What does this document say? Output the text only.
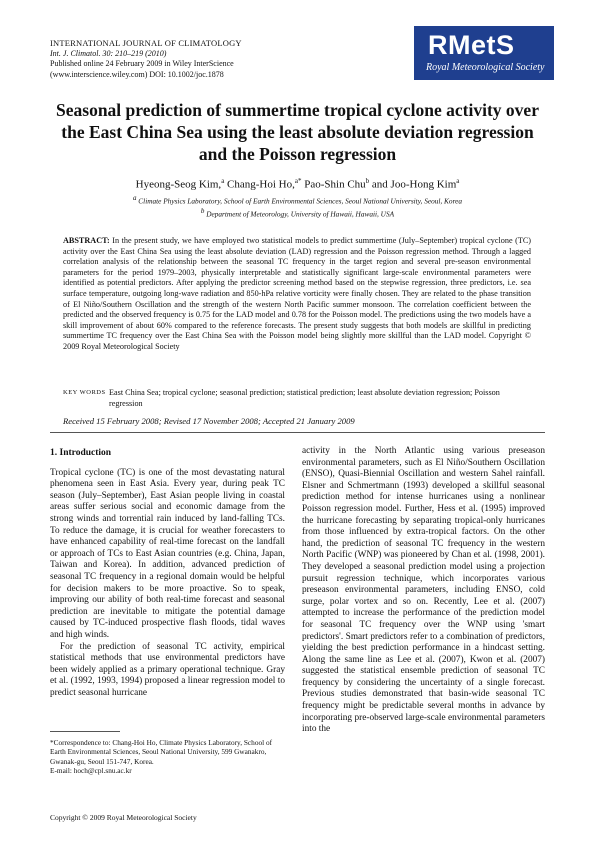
INTERNATIONAL JOURNAL OF CLIMATOLOGY
Int. J. Climatol. 30: 210–219 (2010)
Published online 24 February 2009 in Wiley InterScience
(www.interscience.wiley.com) DOI: 10.1002/joc.1878
RMetS
Royal Meteorological Society
Seasonal prediction of summertime tropical cyclone activity over the East China Sea using the least absolute deviation regression and the Poisson regression
Hyeong-Seog Kim,$^a$ Chang-Hoi Ho,$^{a*}$ Pao-Shin Chu$^b$ and Joo-Hong Kim$^a$
$^a$ Climate Physics Laboratory, School of Earth Environmental Sciences, Seoul National University, Seoul, Korea
$^b$ Department of Meteorology, University of Hawaii, Hawaii, USA
ABSTRACT: In the present study, we have employed two statistical models to predict summertime (July–September) tropical cyclone (TC) activity over the East China Sea using the least absolute deviation (LAD) regression and the Poisson regression method. Through a lagged correlation analysis of the relationship between the seasonal TC frequency in the target region and several pre-season environmental parameters for the period 1979–2003, physically interpretable and statistically significant large-scale environmental parameters were identified as potential predictors. After applying the predictor screening method based on the stepwise regression, three predictors, i.e. sea surface temperature, outgoing long-wave radiation and 850-hPa relative vorticity were finally chosen. They are related to the phase transition of El Niño/Southern Oscillation and the strength of the western North Pacific summer monsoon. The correlation coefficient between the predicted and the observed frequency is 0.75 for the LAD model and 0.78 for the Poisson model. The predictions using the two models have a skill improvement of about 60% compared to the reference forecasts. The present study suggests that both models are skillful in predicting summertime TC frequency over the East China Sea with the Poisson model being slightly more skillful than the LAD model. Copyright © 2009 Royal Meteorological Society
KEY WORDS East China Sea; tropical cyclone; seasonal prediction; statistical prediction; least absolute deviation regression; Poisson regression
Received 15 February 2008; Revised 17 November 2008; Accepted 21 January 2009

1. Introduction

Tropical cyclone (TC) is one of the most devastating natural phenomena seen in East Asia. Every year, during peak TC season (July–September), East Asian people living in coastal areas suffer serious social and economic damage from the strong winds and torrential rain induced by land-falling TCs. To reduce the damage, it is crucial for weather forecasters to have enhanced capability of real-time forecast on the landfall or approach of TCs to East Asian countries (e.g. China, Japan, Taiwan and Korea). In addition, advanced prediction of seasonal TC frequency in a regional domain would be helpful for decision makers to be more proactive. So to speak, improving our ability of both real-time forecast and seasonal prediction are inevitable to mitigate the potential damage caused by TC-induced prospective flash floods, tidal waves and high winds.

For the prediction of seasonal TC activity, empirical statistical methods that use environmental predictors have been widely applied as a primary operational technique. Gray et al. (1992, 1993, 1994) proposed a linear regression model to predict seasonal hurricane

activity in the North Atlantic using various preseason environmental parameters, such as El Niño/Southern Oscillation (ENSO), Quasi-Biennial Oscillation and western Sahel rainfall. Elsner and Schmertmann (1993) developed a skillful seasonal prediction method for intense hurricanes using a nonlinear Poisson regression model. Further, Hess et al. (1995) improved the hurricane forecasting by separating tropical-only hurricanes from those influenced by extra-tropical factors. On the other hand, the prediction of seasonal TC frequency in the western North Pacific (WNP) was pioneered by Chan et al. (1998, 2001). They developed a seasonal prediction model using a projection pursuit regression technique, which incorporates various preseason environmental parameters, including ENSO, cold surge, polar vortex and so on. Recently, Lee et al. (2007) attempted to increase the performance of the prediction model for seasonal TC frequency over the WNP using 'smart predictors'. Smart predictors refer to a combination of predictors, yielding the best prediction performance in a hindcast setting. Along the same line as Lee et al. (2007), Kwon et al. (2007) suggested the statistical ensemble prediction of seasonal TC frequency by considering the uncertainty of a single forecast. Previous studies demonstrated that basin-wide seasonal TC frequency might be predictable several months in advance by incorporating pre-observed large-scale environmental parameters into the

*Correspondence to: Chang-Hoi Ho, Climate Physics Laboratory, School of Earth Environmental Sciences, Seoul National University, 599 Gwanakro, Gwanak-gu, Seoul 151-747, Korea.
E-mail: hoch@cpl.snu.ac.kr
Copyright © 2009 Royal Meteorological Society
